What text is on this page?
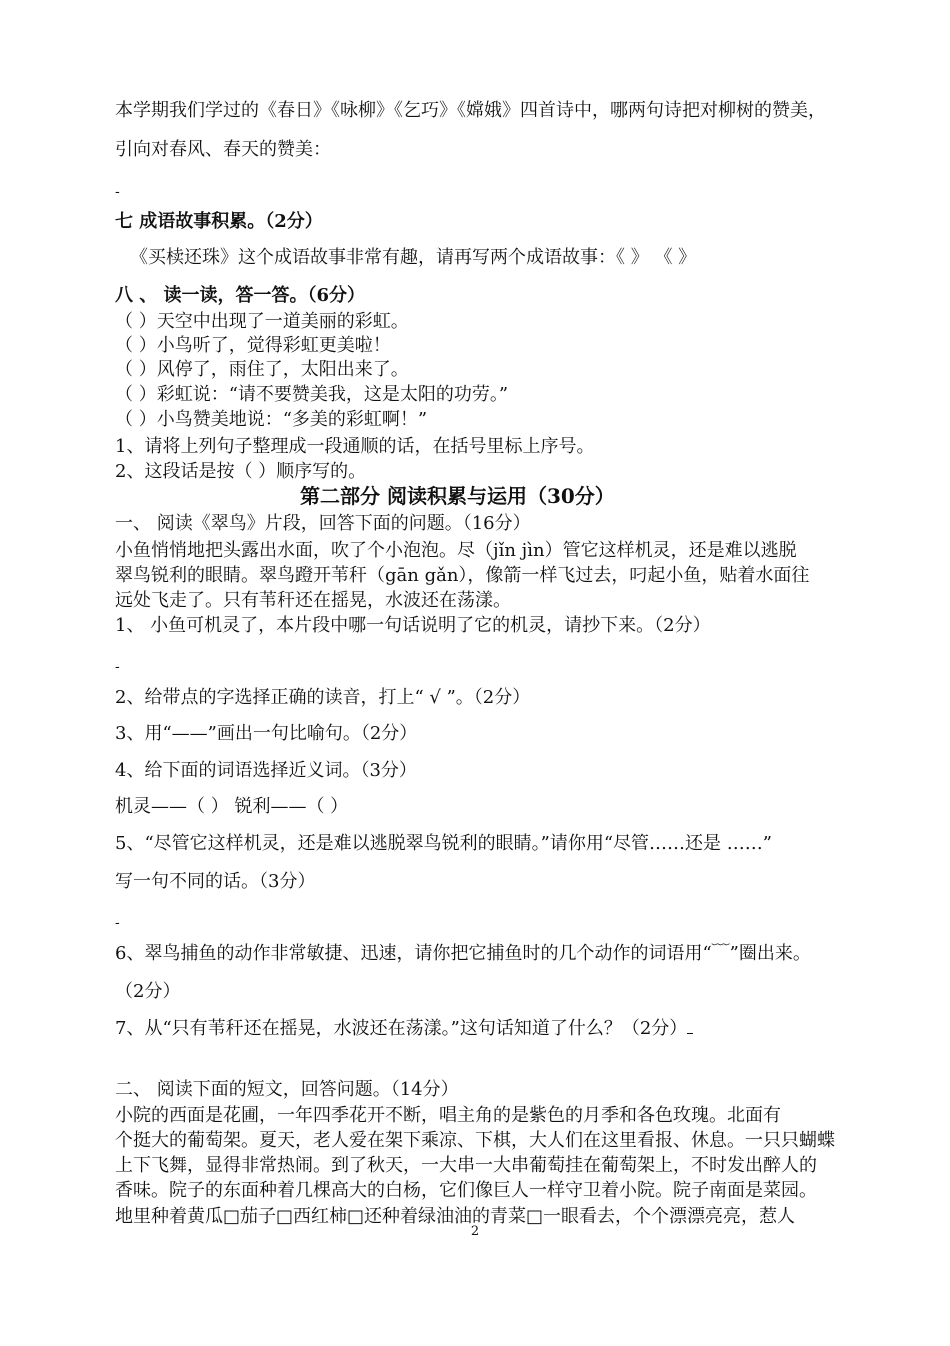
本学期我们学过的《春日》《咏柳》《乞巧》《嫦娥》四首诗中，哪两句诗把对柳树的赞美，
引向对春风、春天的赞美：
-
七 成语故事积累。（2分）
《买椟还珠》这个成语故事非常有趣，请再写两个成语故事：《 》 《 》
八 、 读一读，答一答。（6分）
（ ）天空中出现了一道美丽的彩虹。
（ ）小鸟听了，觉得彩虹更美啦！
（ ）风停了，雨住了，太阳出来了。
（ ）彩虹说：“请不要赞美我，这是太阳的功劳。”
（ ）小鸟赞美地说：“多美的彩虹啊！”
1、请将上列句子整理成一段通顺的话，在括号里标上序号。
2、这段话是按（ ）顺序写的。
第二部分 阅读积累与运用（30分）
一、 阅读《翠鸟》片段，回答下面的问题。（16分）
小鱼悄悄地把头露出水面，吹了个小泡泡。尽（jǐn jìn）管它这样机灵，还是难以逃脱
翠鸟锐利的眼睛。翠鸟蹬开苇秆（gān gǎn），像箭一样飞过去，叼起小鱼，贴着水面往
远处飞走了。只有苇秆还在摇晃，水波还在荡漾。
1、 小鱼可机灵了，本片段中哪一句话说明了它的机灵，请抄下来。（2分）
-
2、给带点的字选择正确的读音，打上“ √ ”。（2分）
3、用“——”画出一句比喻句。（2分）
4、给下面的词语选择近义词。（3分）
机灵——（ ） 锐利——（ ）
5、“尽管它这样机灵，还是难以逃脱翠鸟锐利的眼睛。”请你用“尽管……还是 ……”
写一句不同的话。（3分）
-
6、翠鸟捕鱼的动作非常敏捷、迅速，请你把它捕鱼时的几个动作的词语用“﹋”圈出来。
（2分）
7、从“只有苇秆还在摇晃，水波还在荡漾。”这句话知道了什么？（2分）
二、 阅读下面的短文，回答问题。（14分）
小院的西面是花圃，一年四季花开不断，唱主角的是紫色的月季和各色玫瑰。北面有
个挺大的葡萄架。夏天，老人爱在架下乘凉、下棋，大人们在这里看报、休息。一只只蝴蝶
上下飞舞，显得非常热闹。到了秋天，一大串一大串葡萄挂在葡萄架上，不时发出醉人的
香味。院子的东面种着几棵高大的白杨，它们像巨人一样守卫着小院。院子南面是菜园。
地里种着黄瓜□茄子□西红柿□还种着绿油油的青菜□一眼看去，个个漂漂亮亮，惹人
2
